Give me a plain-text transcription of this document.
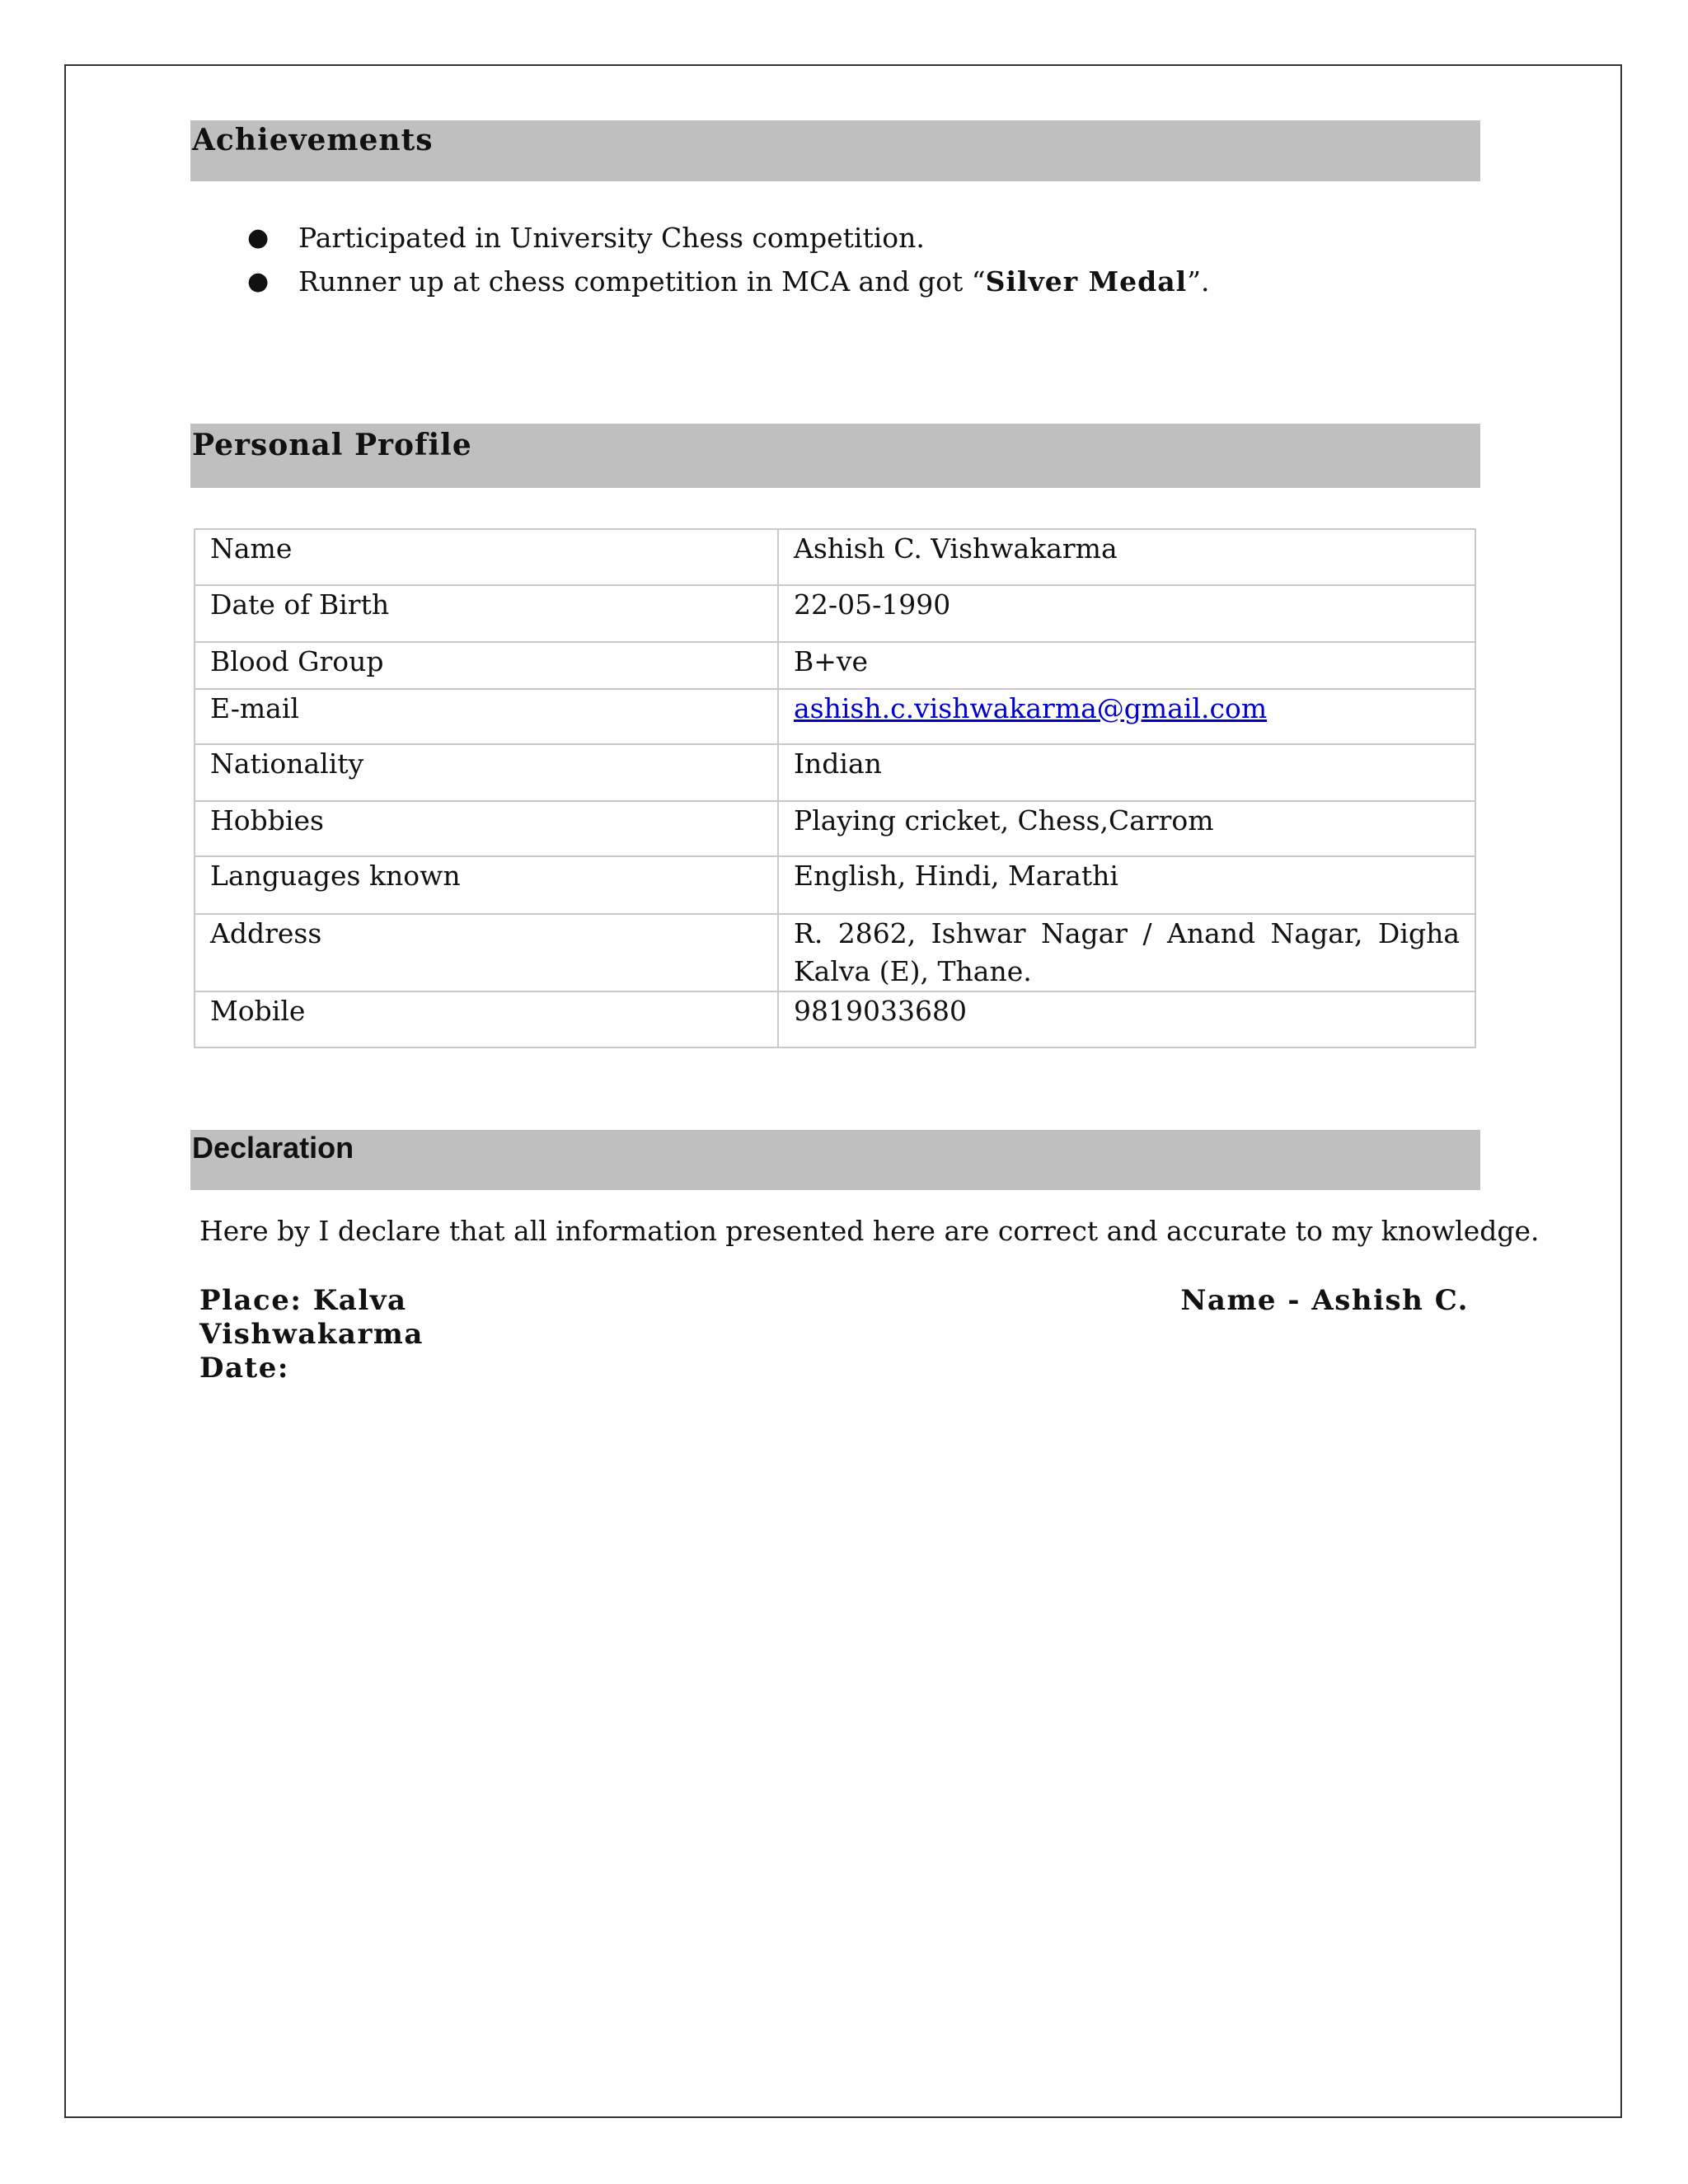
Achievements
● Participated in University Chess competition.
● Runner up at chess competition in MCA and got “Silver Medal”.
Personal Profile
Name	Ashish C. Vishwakarma
Date of Birth	22-05-1990
Blood Group	B+ve
E-mail	ashish.c.vishwakarma@gmail.com
Nationality	Indian
Hobbies	Playing cricket, Chess,Carrom
Languages known	English, Hindi, Marathi
Address	R. 2862, Ishwar Nagar / Anand Nagar, Digha Kalva (E), Thane.
Mobile	9819033680
Declaration
Here by I declare that all information presented here are correct and accurate to my knowledge.
Place: Kalva
Vishwakarma
Date:
Name - Ashish C.
